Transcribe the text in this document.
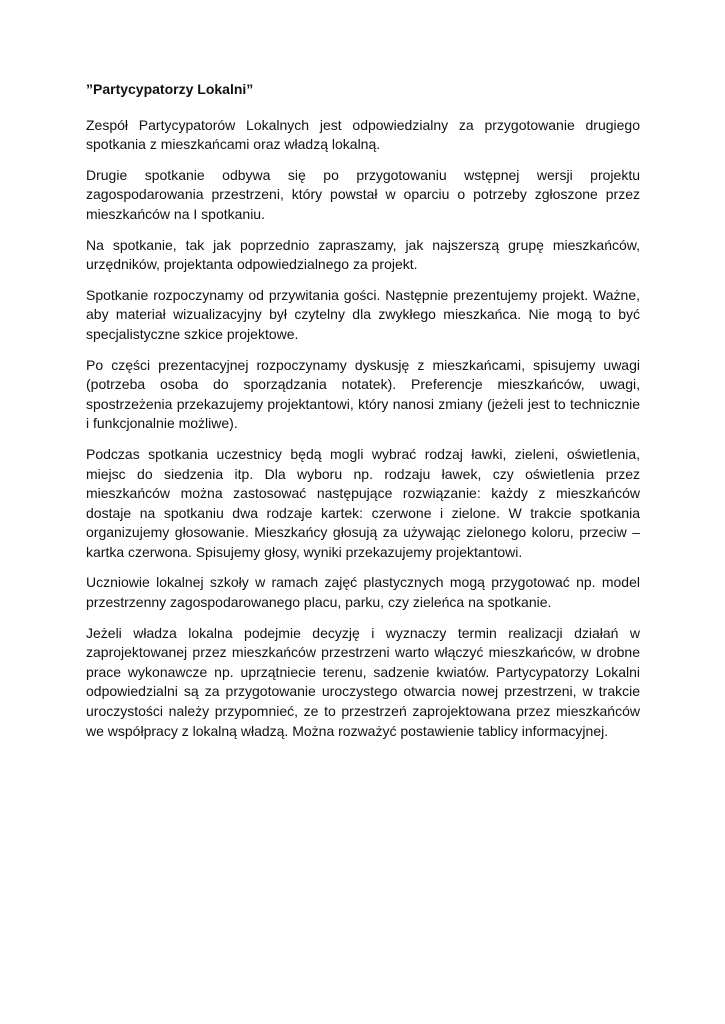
”Partycypatorzy Lokalni”
Zespół Partycypatorów Lokalnych jest odpowiedzialny za przygotowanie drugiego spotkania z mieszkańcami oraz władzą lokalną.
Drugie spotkanie odbywa się po przygotowaniu wstępnej wersji projektu zagospodarowania przestrzeni, który powstał w oparciu o potrzeby zgłoszone przez mieszkańców na I spotkaniu.
Na spotkanie, tak jak poprzednio zapraszamy, jak najszerszą grupę mieszkańców, urzędników, projektanta odpowiedzialnego za projekt.
Spotkanie rozpoczynamy od przywitania gości. Następnie prezentujemy projekt. Ważne, aby materiał wizualizacyjny był czytelny dla zwykłego mieszkańca. Nie mogą to być specjalistyczne szkice projektowe.
Po części prezentacyjnej rozpoczynamy dyskusję z mieszkańcami, spisujemy uwagi (potrzeba osoba do sporządzania notatek). Preferencje mieszkańców, uwagi, spostrzeżenia przekazujemy projektantowi, który nanosi zmiany (jeżeli jest to technicznie i funkcjonalnie możliwe).
Podczas spotkania uczestnicy będą mogli wybrać rodzaj ławki, zieleni, oświetlenia, miejsc do siedzenia itp. Dla wyboru np. rodzaju ławek, czy oświetlenia przez mieszkańców można zastosować następujące rozwiązanie: każdy z mieszkańców dostaje na spotkaniu dwa rodzaje kartek: czerwone i zielone. W trakcie spotkania organizujemy głosowanie. Mieszkańcy głosują za używając zielonego koloru, przeciw – kartka czerwona. Spisujemy głosy, wyniki przekazujemy projektantowi.
Uczniowie lokalnej szkoły w ramach zajęć plastycznych mogą przygotować np. model przestrzenny zagospodarowanego placu, parku, czy zieleńca na spotkanie.
Jeżeli władza lokalna podejmie decyzję i wyznaczy termin realizacji działań w zaprojektowanej przez mieszkańców przestrzeni warto włączyć mieszkańców, w drobne prace wykonawcze np. uprzątniecie terenu, sadzenie kwiatów. Partycypatorzy Lokalni odpowiedzialni są za przygotowanie uroczystego otwarcia nowej przestrzeni, w trakcie uroczystości należy przypomnieć, ze to przestrzeń zaprojektowana przez mieszkańców we współpracy z lokalną władzą. Można rozważyć postawienie tablicy informacyjnej.
